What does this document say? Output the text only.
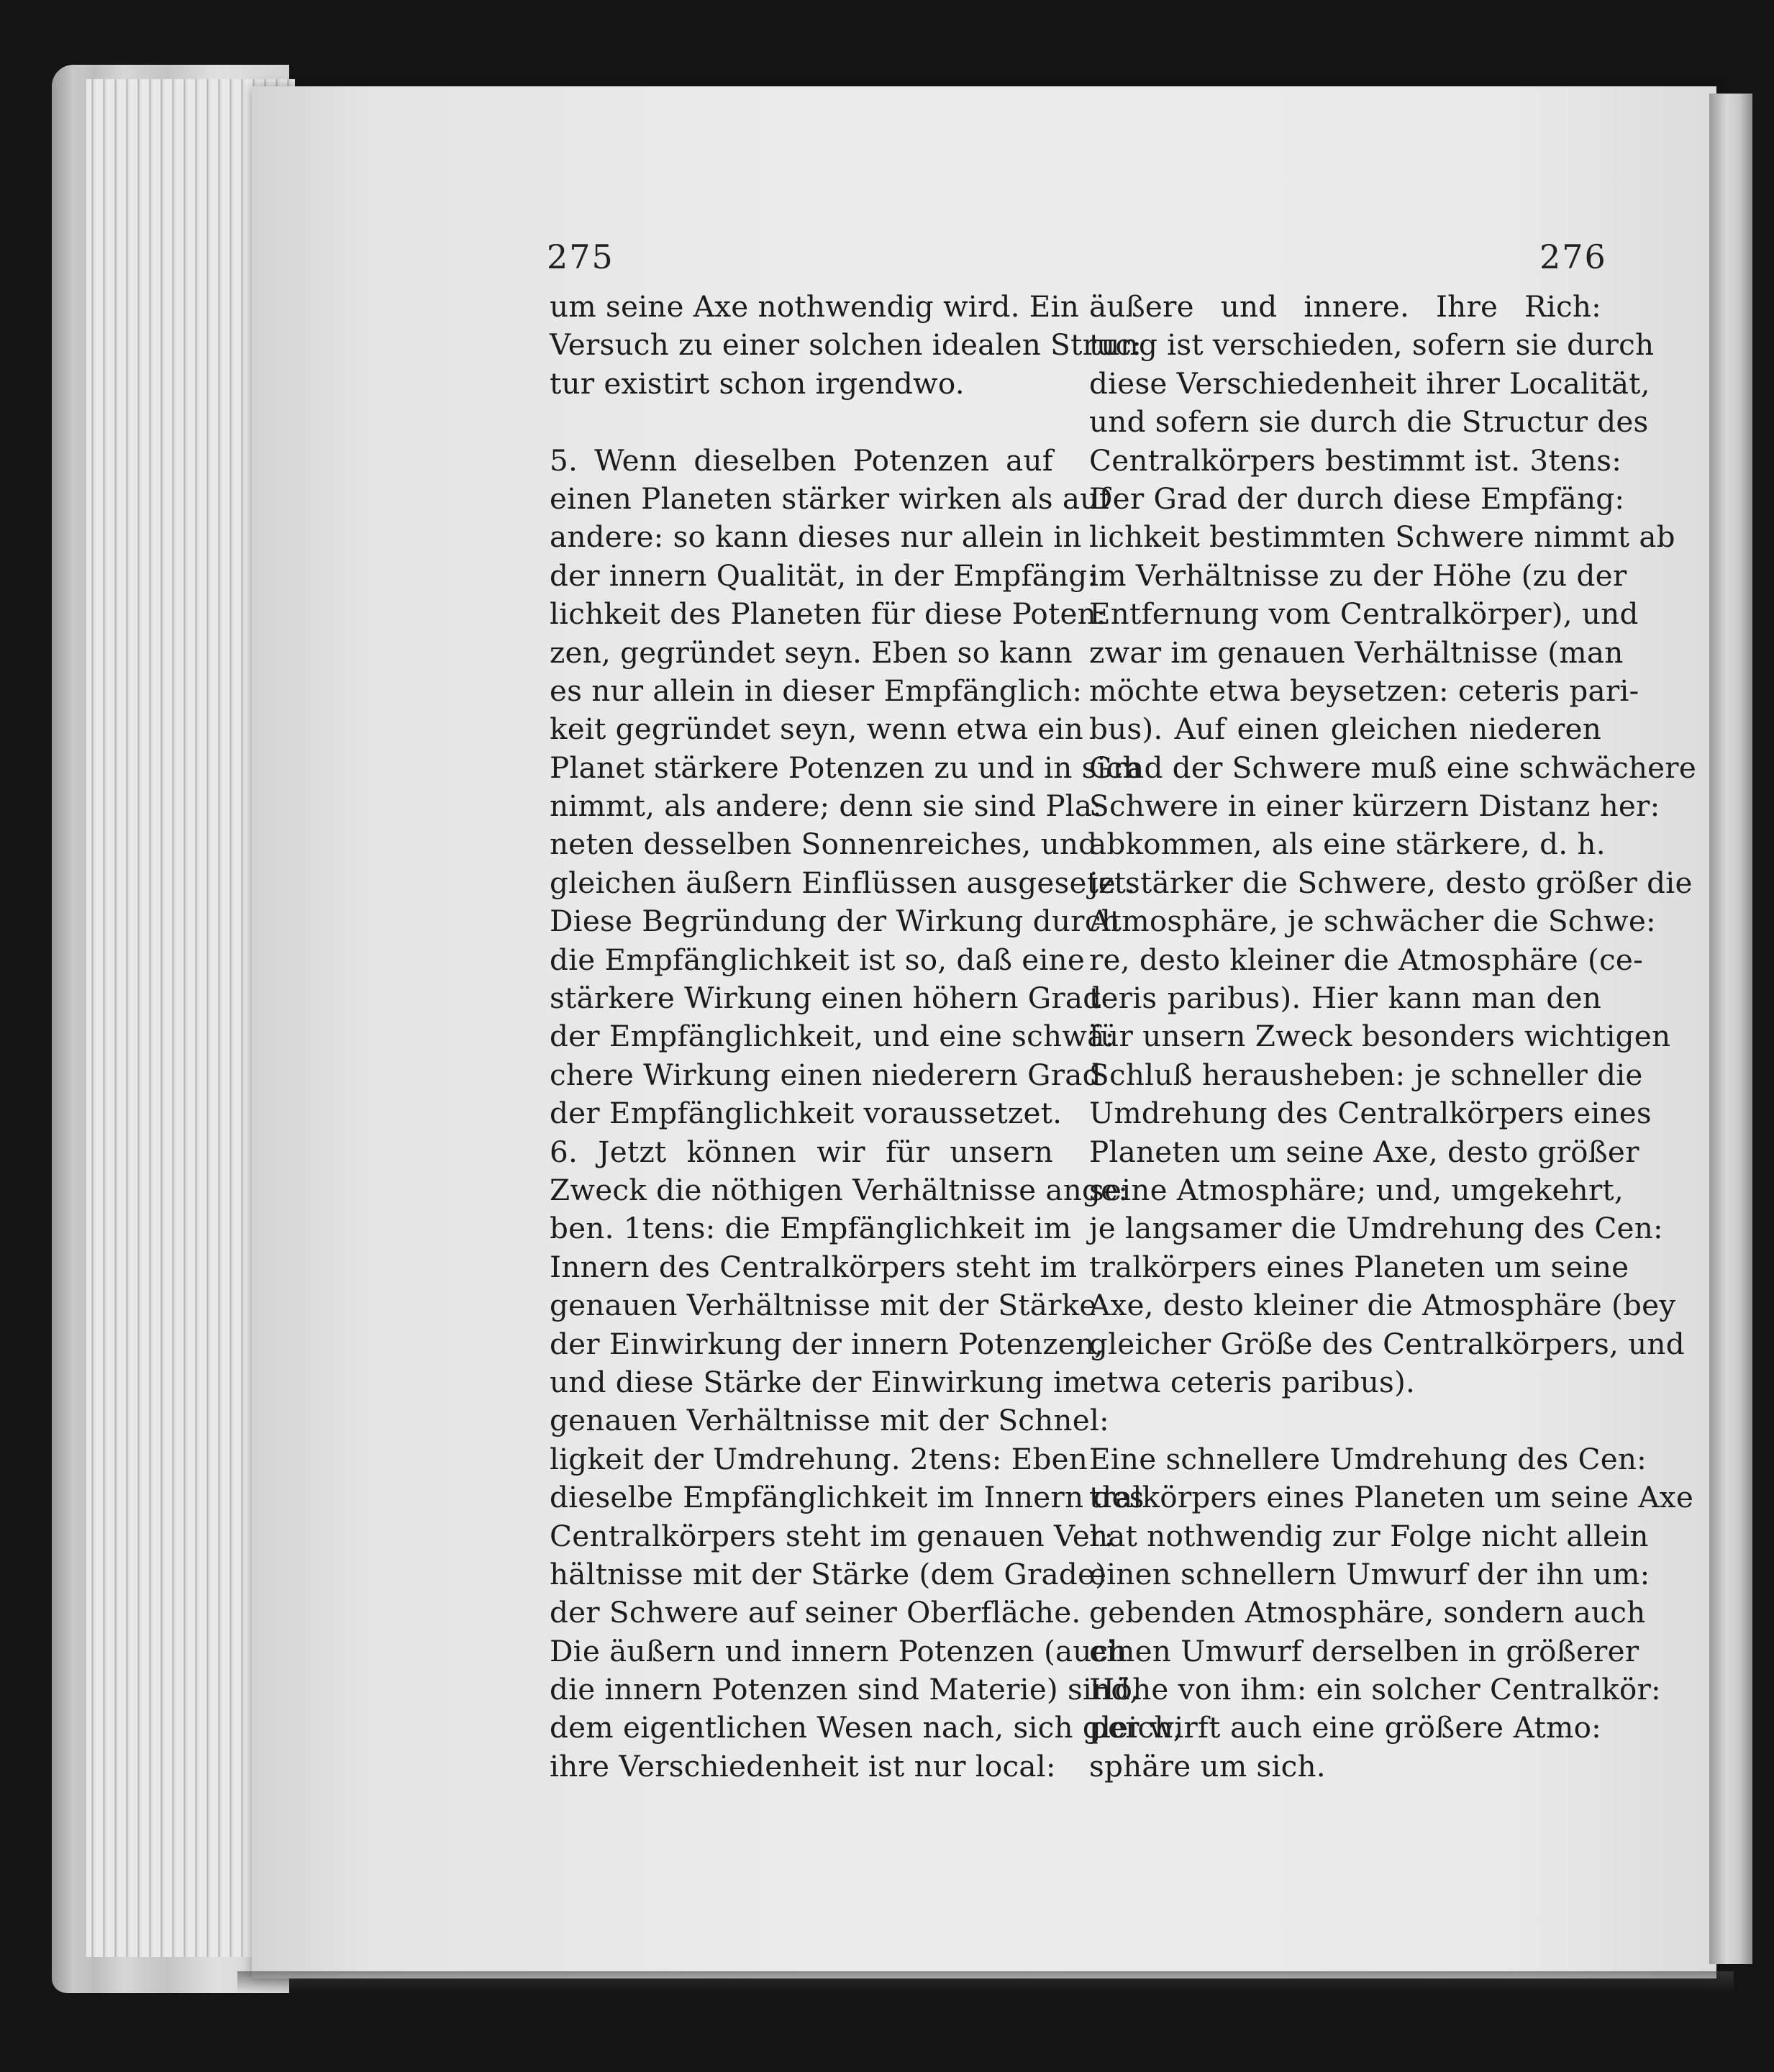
275	276
um seine Axe nothwendig wird. Ein
Versuch zu einer solchen idealen Struc:
tur existirt schon irgendwo.
5. Wenn dieselben Potenzen auf
einen Planeten stärker wirken als auf
andere: so kann dieses nur allein in
der innern Qualität, in der Empfäng:
lichkeit des Planeten für diese Poten:
zen, gegründet seyn. Eben so kann
es nur allein in dieser Empfänglich:
keit gegründet seyn, wenn etwa ein
Planet stärkere Potenzen zu und in sich
nimmt, als andere; denn sie sind Pla:
neten desselben Sonnenreiches, und
gleichen äußern Einflüssen ausgesetzt.
Diese Begründung der Wirkung durch
die Empfänglichkeit ist so, daß eine
stärkere Wirkung einen höhern Grad
der Empfänglichkeit, und eine schwä:
chere Wirkung einen niederern Grad
der Empfänglichkeit voraussetzet.
6. Jetzt können wir für unsern
Zweck die nöthigen Verhältnisse ange:
ben. 1tens: die Empfänglichkeit im
Innern des Centralkörpers steht im
genauen Verhältnisse mit der Stärke
der Einwirkung der innern Potenzen,
und diese Stärke der Einwirkung im
genauen Verhältnisse mit der Schnel:
ligkeit der Umdrehung. 2tens: Eben
dieselbe Empfänglichkeit im Innern des
Centralkörpers steht im genauen Ver:
hältnisse mit der Stärke (dem Grade)
der Schwere auf seiner Oberfläche.
Die äußern und innern Potenzen (auch
die innern Potenzen sind Materie) sind,
dem eigentlichen Wesen nach, sich gleich,
ihre Verschiedenheit ist nur local:
äußere und innere. Ihre Rich:
tung ist verschieden, sofern sie durch
diese Verschiedenheit ihrer Localität,
und sofern sie durch die Structur des
Centralkörpers bestimmt ist. 3tens:
Der Grad der durch diese Empfäng:
lichkeit bestimmten Schwere nimmt ab
im Verhältnisse zu der Höhe (zu der
Entfernung vom Centralkörper), und
zwar im genauen Verhältnisse (man
möchte etwa beysetzen: ceteris pari-
bus). Auf einen gleichen niederen
Grad der Schwere muß eine schwächere
Schwere in einer kürzern Distanz her:
abkommen, als eine stärkere, d. h.
je stärker die Schwere, desto größer die
Atmosphäre, je schwächer die Schwe:
re, desto kleiner die Atmosphäre (ce-
teris paribus). Hier kann man den
für unsern Zweck besonders wichtigen
Schluß herausheben: je schneller die
Umdrehung des Centralkörpers eines
Planeten um seine Axe, desto größer
seine Atmosphäre; und, umgekehrt,
je langsamer die Umdrehung des Cen:
tralkörpers eines Planeten um seine
Axe, desto kleiner die Atmosphäre (bey
gleicher Größe des Centralkörpers, und
etwa ceteris paribus).
Eine schnellere Umdrehung des Cen:
tralkörpers eines Planeten um seine Axe
hat nothwendig zur Folge nicht allein
einen schnellern Umwurf der ihn um:
gebenden Atmosphäre, sondern auch
einen Umwurf derselben in größerer
Höhe von ihm: ein solcher Centralkör:
per wirft auch eine größere Atmo:
sphäre um sich.
